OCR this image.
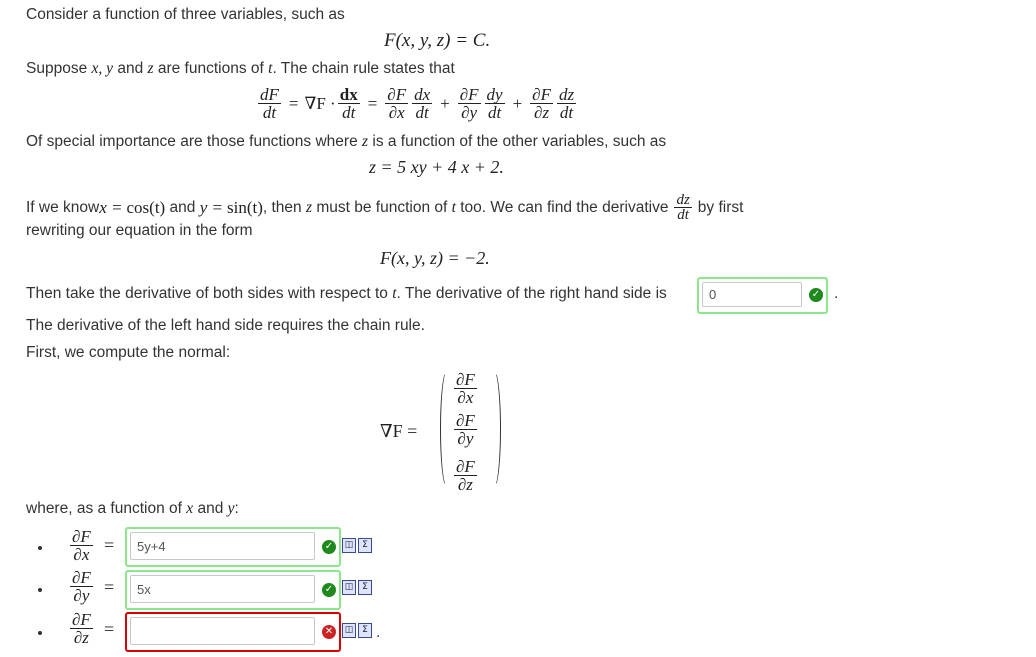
Consider a function of three variables, such as
F(x, y, z) = C.
Suppose x, y and z are functions of t. The chain rule states that
$\frac{dF}{dt} = \nabla F \cdot \frac{dx}{dt} = \frac{\partial F}{\partial x} \frac{dx}{dt} + \frac{\partial F}{\partial y} \frac{dy}{dt} + \frac{\partial F}{\partial z} \frac{dz}{dt}$
Of special importance are those functions where z is a function of the other variables, such as
z = 5 xy + 4 x + 2.
If we know x = cos(t) and y = sin(t) , then z must be function of t too. We can find the derivative $\frac{dz}{dt}$ by first
rewriting our equation in the form
F(x, y, z) = −2.
Then take the derivative of both sides with respect to t. The derivative of the right hand side is
0	✓ .
The derivative of the left hand side requires the chain rule.
First, we compute the normal:
∇F =
$\frac{\partial F}{\partial x}$
$\frac{\partial F}{\partial y}$
$\frac{\partial F}{\partial z}$
where, as a function of x and y:
$\frac{\partial F}{\partial x}$ =
5y+4	✓	◫ Σ
$\frac{\partial F}{\partial y}$ =
5x	✓	◫ Σ
$\frac{\partial F}{\partial z}$ =	✕	◫ Σ .
